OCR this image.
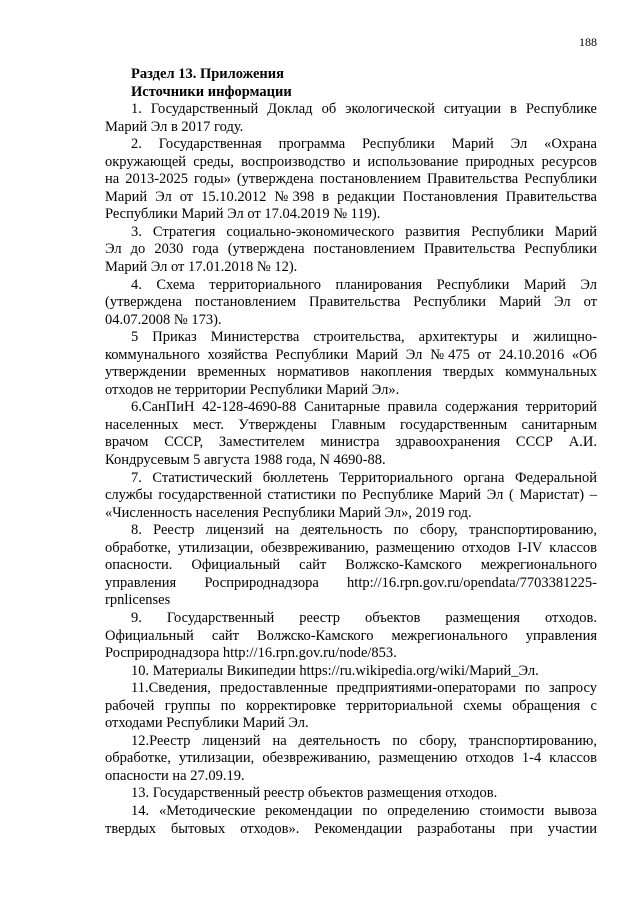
188
Раздел 13. Приложения
Источники информации
1. Государственный Доклад об экологической ситуации в Республике
Марий Эл в 2017 году.
2. Государственная программа Республики Марий Эл «Охрана
окружающей среды, воспроизводство и использование природных ресурсов
на 2013-2025 годы» (утверждена постановлением Правительства Республики
Марий Эл от 15.10.2012 №398 в редакции Постановления Правительства
Республики Марий Эл от 17.04.2019 № 119).
3. Стратегия социально-экономического развития Республики Марий
Эл до 2030 года (утверждена постановлением Правительства Республики
Марий Эл от 17.01.2018 № 12).
4. Схема территориального планирования Республики Марий Эл
(утверждена постановлением Правительства Республики Марий Эл от
04.07.2008 № 173).
5 Приказ Министерства строительства, архитектуры и жилищно-
коммунального хозяйства Республики Марий Эл №475 от 24.10.2016 «Об
утверждении временных нормативов накопления твердых коммунальных
отходов не территории Республики Марий Эл».
6.СанПиН 42-128-4690-88 Санитарные правила содержания территорий
населенных мест. Утверждены Главным государственным санитарным
врачом СССР, Заместителем министра здравоохранения СССР А.И.
Кондрусевым 5 августа 1988 года, N 4690-88.
7. Статистический бюллетень Территориального органа Федеральной
службы государственной статистики по Республике Марий Эл ( Маристат) –
«Численность населения Республики Марий Эл», 2019 год.
8. Реестр лицензий на деятельность по сбору, транспортированию,
обработке, утилизации, обезвреживанию, размещению отходов I-IV классов
опасности. Официальный сайт Волжско-Камского межрегионального
управления Росприроднадзора http://16.rpn.gov.ru/opendata/7703381225-
rpnlicenses
9. Государственный реестр объектов размещения отходов.
Официальный сайт Волжско-Камского межрегионального управления
Росприроднадзора http://16.rpn.gov.ru/node/853.
10. Материалы Википедии https://ru.wikipedia.org/wiki/Марий_Эл.
11.Сведения, предоставленные предприятиями-операторами по запросу
рабочей группы по корректировке территориальной схемы обращения с
отходами Республики Марий Эл.
12.Реестр лицензий на деятельность по сбору, транспортированию,
обработке, утилизации, обезвреживанию, размещению отходов 1-4 классов
опасности на 27.09.19.
13. Государственный реестр объектов размещения отходов.
14. «Методические рекомендации по определению стоимости вывоза
твердых бытовых отходов». Рекомендации разработаны при участии
